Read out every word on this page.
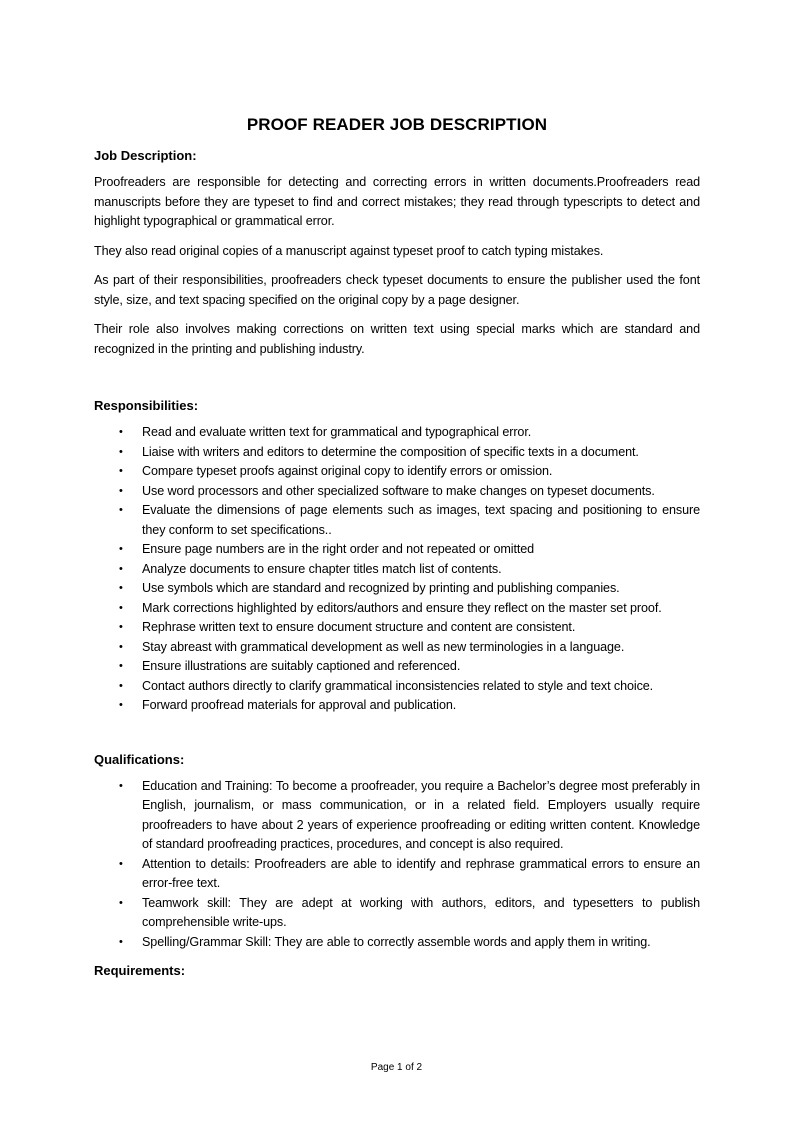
PROOF READER JOB DESCRIPTION
Job Description:

Proofreaders are responsible for detecting and correcting errors in written documents.Proofreaders read manuscripts before they are typeset to find and correct mistakes; they read through typescripts to detect and highlight typographical or grammatical error.

They also read original copies of a manuscript against typeset proof to catch typing mistakes.

As part of their responsibilities, proofreaders check typeset documents to ensure the publisher used the font style, size, and text spacing specified on the original copy by a page designer.

Their role also involves making corrections on written text using special marks which are standard and recognized in the printing and publishing industry.

Responsibilities:
• Read and evaluate written text for grammatical and typographical error.
• Liaise with writers and editors to determine the composition of specific texts in a document.
• Compare typeset proofs against original copy to identify errors or omission.
• Use word processors and other specialized software to make changes on typeset documents.
• Evaluate the dimensions of page elements such as images, text spacing and positioning to ensure they conform to set specifications..
• Ensure page numbers are in the right order and not repeated or omitted
• Analyze documents to ensure chapter titles match list of contents.
• Use symbols which are standard and recognized by printing and publishing companies.
• Mark corrections highlighted by editors/authors and ensure they reflect on the master set proof.
• Rephrase written text to ensure document structure and content are consistent.
• Stay abreast with grammatical development as well as new terminologies in a language.
• Ensure illustrations are suitably captioned and referenced.
• Contact authors directly to clarify grammatical inconsistencies related to style and text choice.
• Forward proofread materials for approval and publication.
Qualifications:
• Education and Training: To become a proofreader, you require a Bachelor’s degree most preferably in English, journalism, or mass communication, or in a related field. Employers usually require proofreaders to have about 2 years of experience proofreading or editing written content. Knowledge of standard proofreading practices, procedures, and concept is also required.
• Attention to details: Proofreaders are able to identify and rephrase grammatical errors to ensure an error-free text.
• Teamwork skill: They are adept at working with authors, editors, and typesetters to publish comprehensible write-ups.
• Spelling/Grammar Skill: They are able to correctly assemble words and apply them in writing.
Requirements:
Page 1 of 2
